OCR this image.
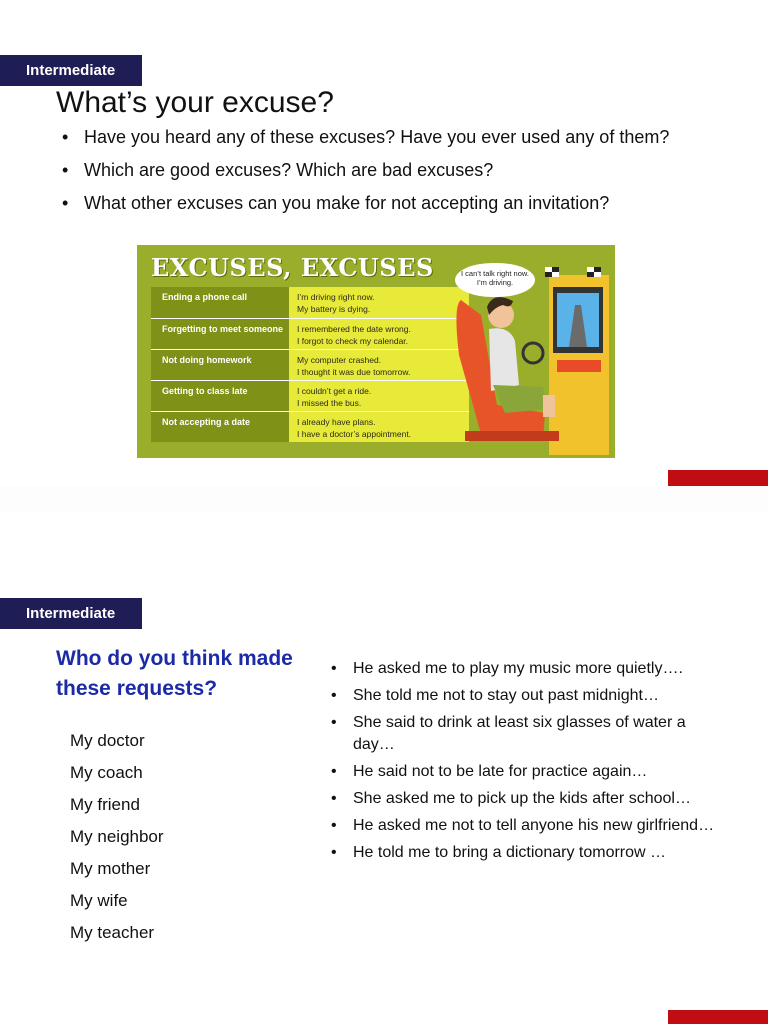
Intermediate
What’s your excuse?
• Have you heard any of these excuses? Have you ever used any of them?
• Which are good excuses? Which are bad excuses?
• What other excuses can you make for not accepting an invitation?
EXCUSES, EXCUSES
Ending a phone call	I’m driving right now.
My battery is dying.
Forgetting to meet someone	I remembered the date wrong.
I forgot to check my calendar.
Not doing homework	My computer crashed.
I thought it was due tomorrow.
Getting to class late	I couldn’t get a ride.
I missed the bus.
Not accepting a date	I already have plans.
I have a doctor’s appointment.
I can’t talk right now. I’m driving.
Intermediate
Who do you think made these requests?
My doctor
My coach
My friend
My neighbor
My mother
My wife
My teacher
• He asked me to play my music more quietly….
• She told me not to stay out past midnight…
• She said to drink at least six glasses of water a day…
• He said not to be late for practice again…
• She asked me to pick up the kids after school…
• He asked me not to tell anyone his new girlfriend…
• He told me to bring a dictionary tomorrow …
